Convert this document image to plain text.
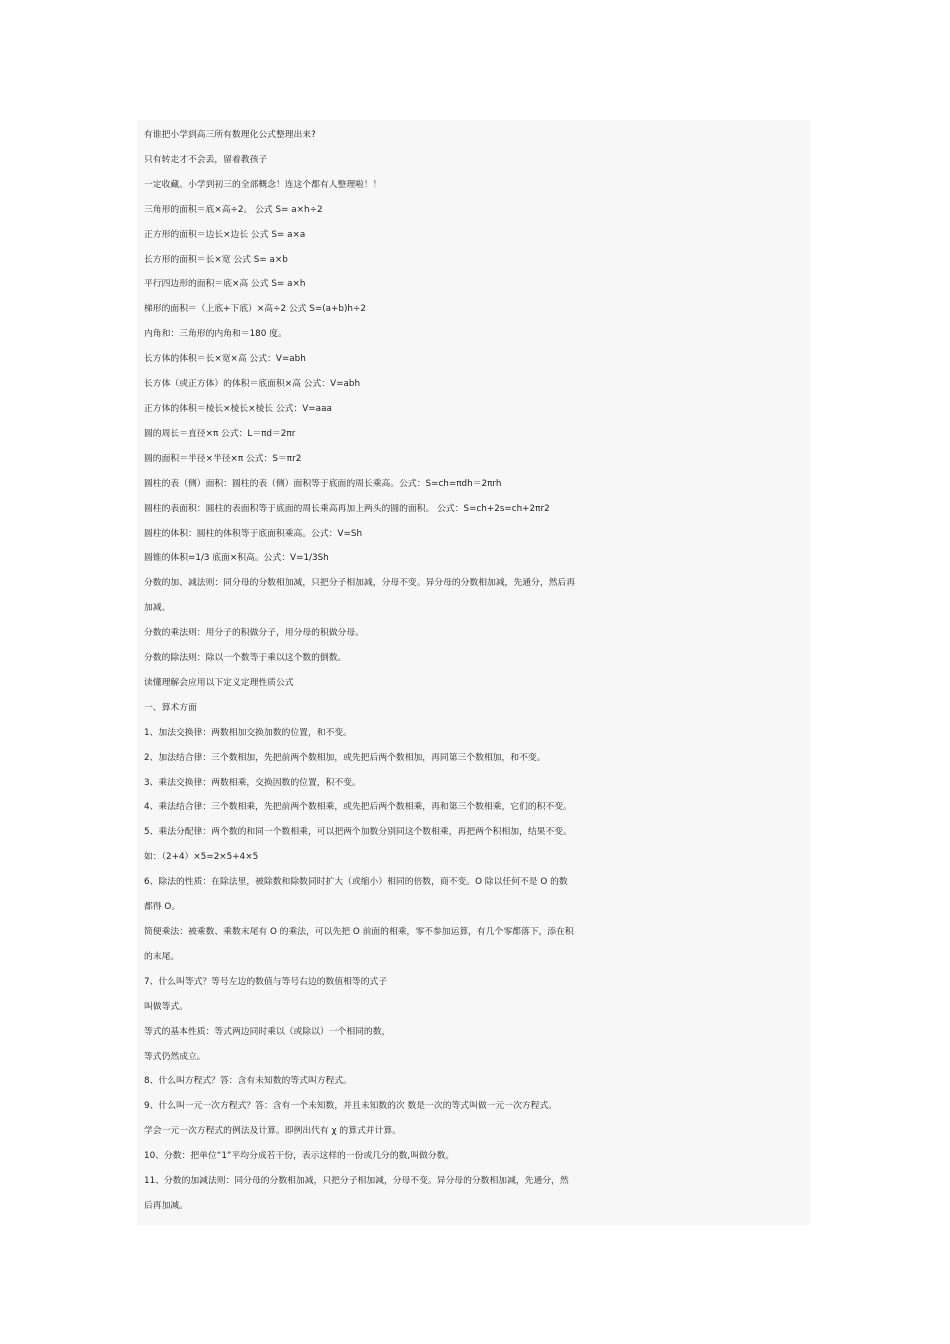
有谁把小学到高三所有数理化公式整理出来?

只有转走才不会丢，留着教孩子

一定收藏。小学到初三的全部概念！连这个都有人整理啦！！

三角形的面积＝底×高÷2。 公式 S= a×h÷2

正方形的面积＝边长×边长 公式 S= a×a

长方形的面积＝长×宽 公式 S= a×b

平行四边形的面积＝底×高 公式 S= a×h

梯形的面积＝（上底+下底）×高÷2 公式 S=(a+b)h÷2

内角和：三角形的内角和＝180 度。

长方体的体积＝长×宽×高 公式：V=abh

长方体（或正方体）的体积＝底面积×高 公式：V=abh

正方体的体积＝棱长×棱长×棱长 公式：V=aaa

圆的周长＝直径×π 公式：L＝πd＝2πr

圆的面积＝半径×半径×π 公式：S＝πr2

圆柱的表（侧）面积：圆柱的表（侧）面积等于底面的周长乘高。公式：S=ch=πdh＝2πrh

圆柱的表面积：圆柱的表面积等于底面的周长乘高再加上两头的圆的面积。 公式：S=ch+2s=ch+2πr2

圆柱的体积：圆柱的体积等于底面积乘高。公式：V=Sh

圆锥的体积=1/3 底面×积高。公式：V=1/3Sh

分数的加、减法则：同分母的分数相加减，只把分子相加减，分母不变。异分母的分数相加减，先通分，然后再

加减。

分数的乘法则：用分子的积做分子，用分母的积做分母。

分数的除法则：除以一个数等于乘以这个数的倒数。

读懂理解会应用以下定义定理性质公式

一、算术方面

1、加法交换律：两数相加交换加数的位置，和不变。

2、加法结合律：三个数相加，先把前两个数相加，或先把后两个数相加，再同第三个数相加，和不变。

3、乘法交换律：两数相乘，交换因数的位置，积不变。

4、乘法结合律：三个数相乘，先把前两个数相乘，或先把后两个数相乘，再和第三个数相乘，它们的积不变。

5、乘法分配律：两个数的和同一个数相乘，可以把两个加数分别同这个数相乘，再把两个积相加，结果不变。

如：（2+4）×5=2×5+4×5

6、除法的性质：在除法里，被除数和除数同时扩大（或缩小）相同的倍数，商不变。O 除以任何不是 O 的数

都得 O。

简便乘法：被乘数、乘数末尾有 O 的乘法，可以先把 O 前面的相乘，零不参加运算，有几个零都落下，添在积

的末尾。

7、什么叫等式？等号左边的数值与等号右边的数值相等的式子

叫做等式。

等式的基本性质：等式两边同时乘以（或除以）一个相同的数，

等式仍然成立。

8、什么叫方程式？答：含有未知数的等式叫方程式。

9、什么叫一元一次方程式？答：含有一个未知数，并且未知数的次 数是一次的等式叫做一元一次方程式。

学会一元一次方程式的例法及计算。即例出代有 χ 的算式并计算。

10、分数：把单位“1”平均分成若干份，表示这样的一份或几分的数,叫做分数。

11、分数的加减法则：同分母的分数相加减，只把分子相加减，分母不变。异分母的分数相加减，先通分，然

后再加减。
